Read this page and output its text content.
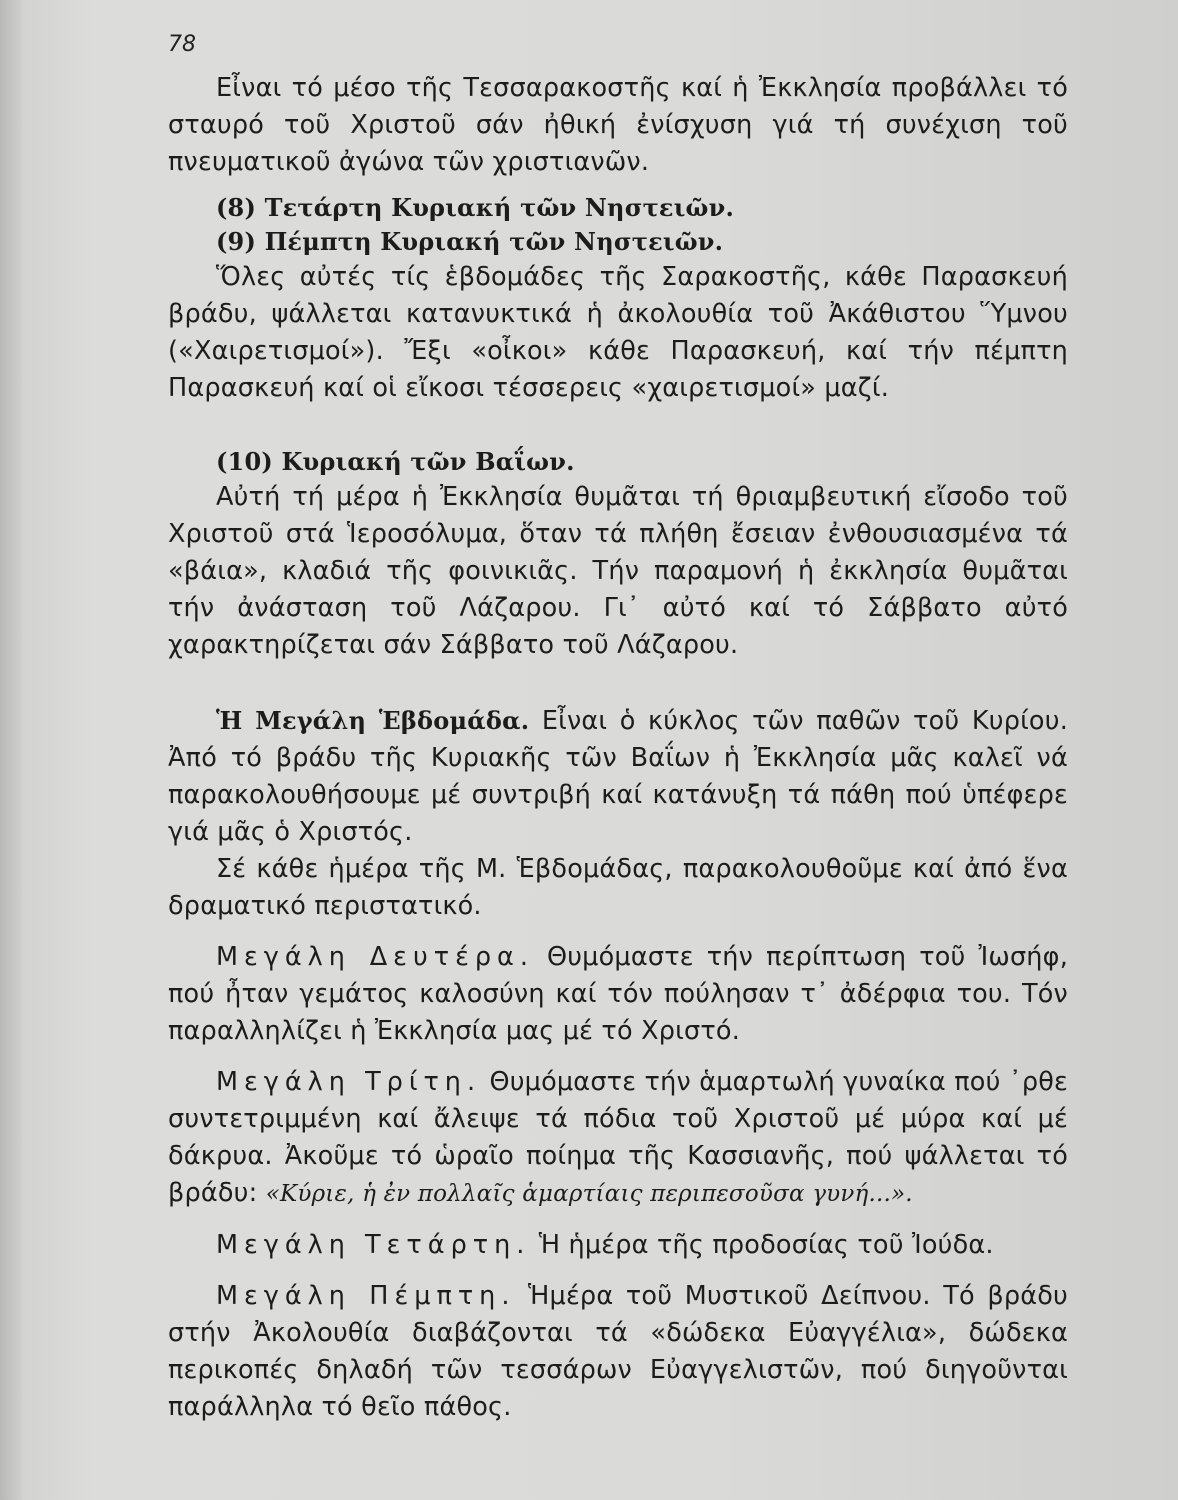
78

Εἶναι τό μέσο τῆς Τεσσαρακοστῆς καί ἡ Ἐκκλησία προβάλλει τό σταυρό τοῦ Χριστοῦ σάν ἠθική ἐνίσχυση γιά τή συνέχιση τοῦ πνευματικοῦ ἀγώνα τῶν χριστιανῶν.

(8) Τετάρτη Κυριακή τῶν Νηστειῶν.

(9) Πέμπτη Κυριακή τῶν Νηστειῶν.

Ὅλες αὐτές τίς ἑβδομάδες τῆς Σαρακοστῆς, κάθε Παρασκευή βράδυ, ψάλλεται κατανυκτικά ἡ ἀκολουθία τοῦ Ἀκάθιστου Ὕμνου («Χαιρετισμοί»). Ἔξι «οἶκοι» κάθε Παρασκευή, καί τήν πέμπτη Παρασκευή καί οἱ εἴκοσι τέσσερεις «χαιρετισμοί» μαζί.

(10) Κυριακή τῶν Βαΐων.

Αὐτή τή μέρα ἡ Ἐκκλησία θυμᾶται τή θριαμβευτική εἴσοδο τοῦ Χριστοῦ στά Ἱεροσόλυμα, ὅταν τά πλήθη ἔσειαν ἐνθουσιασμένα τά «βάια», κλαδιά τῆς φοινικιᾶς. Τήν παραμονή ἡ ἐκκλησία θυμᾶται τήν ἀνάσταση τοῦ Λάζαρου. Γι᾽ αὐτό καί τό Σάββατο αὐτό χαρακτηρίζεται σάν Σάββατο τοῦ Λάζαρου.

Ἡ Μεγάλη Ἑβδομάδα. Εἶναι ὁ κύκλος τῶν παθῶν τοῦ Κυρίου. Ἀπό τό βράδυ τῆς Κυριακῆς τῶν Βαΐων ἡ Ἐκκλησία μᾶς καλεῖ νά παρακολουθήσουμε μέ συντριβή καί κατάνυξη τά πάθη πού ὑπέφερε γιά μᾶς ὁ Χριστός.

Σέ κάθε ἡμέρα τῆς Μ. Ἑβδομάδας, παρακολουθοῦμε καί ἀπό ἕνα δραματικό περιστατικό.

Μεγάλη Δευτέρα. Θυμόμαστε τήν περίπτωση τοῦ Ἰωσήφ, πού ἦταν γεμάτος καλοσύνη καί τόν πούλησαν τ᾽ ἀδέρφια του. Τόν παραλληλίζει ἡ Ἐκκλησία μας μέ τό Χριστό.

Μεγάλη Τρίτη. Θυμόμαστε τήν ἁμαρτωλή γυναίκα πού ᾽ρθε συντετριμμένη καί ἄλειψε τά πόδια τοῦ Χριστοῦ μέ μύρα καί μέ δάκρυα. Ἀκοῦμε τό ὡραῖο ποίημα τῆς Κασσιανῆς, πού ψάλλεται τό βράδυ: «Κύριε, ἡ ἐν πολλαῖς ἁμαρτίαις περιπεσοῦσα γυνή...».

Μεγάλη Τετάρτη. Ἡ ἡμέρα τῆς προδοσίας τοῦ Ἰούδα.

Μεγάλη Πέμπτη. Ἡμέρα τοῦ Μυστικοῦ Δείπνου. Τό βράδυ στήν Ἀκολουθία διαβάζονται τά «δώδεκα Εὐαγγέλια», δώδεκα περικοπές δηλαδή τῶν τεσσάρων Εὐαγγελιστῶν, πού διηγοῦνται παράλληλα τό θεῖο πάθος.
